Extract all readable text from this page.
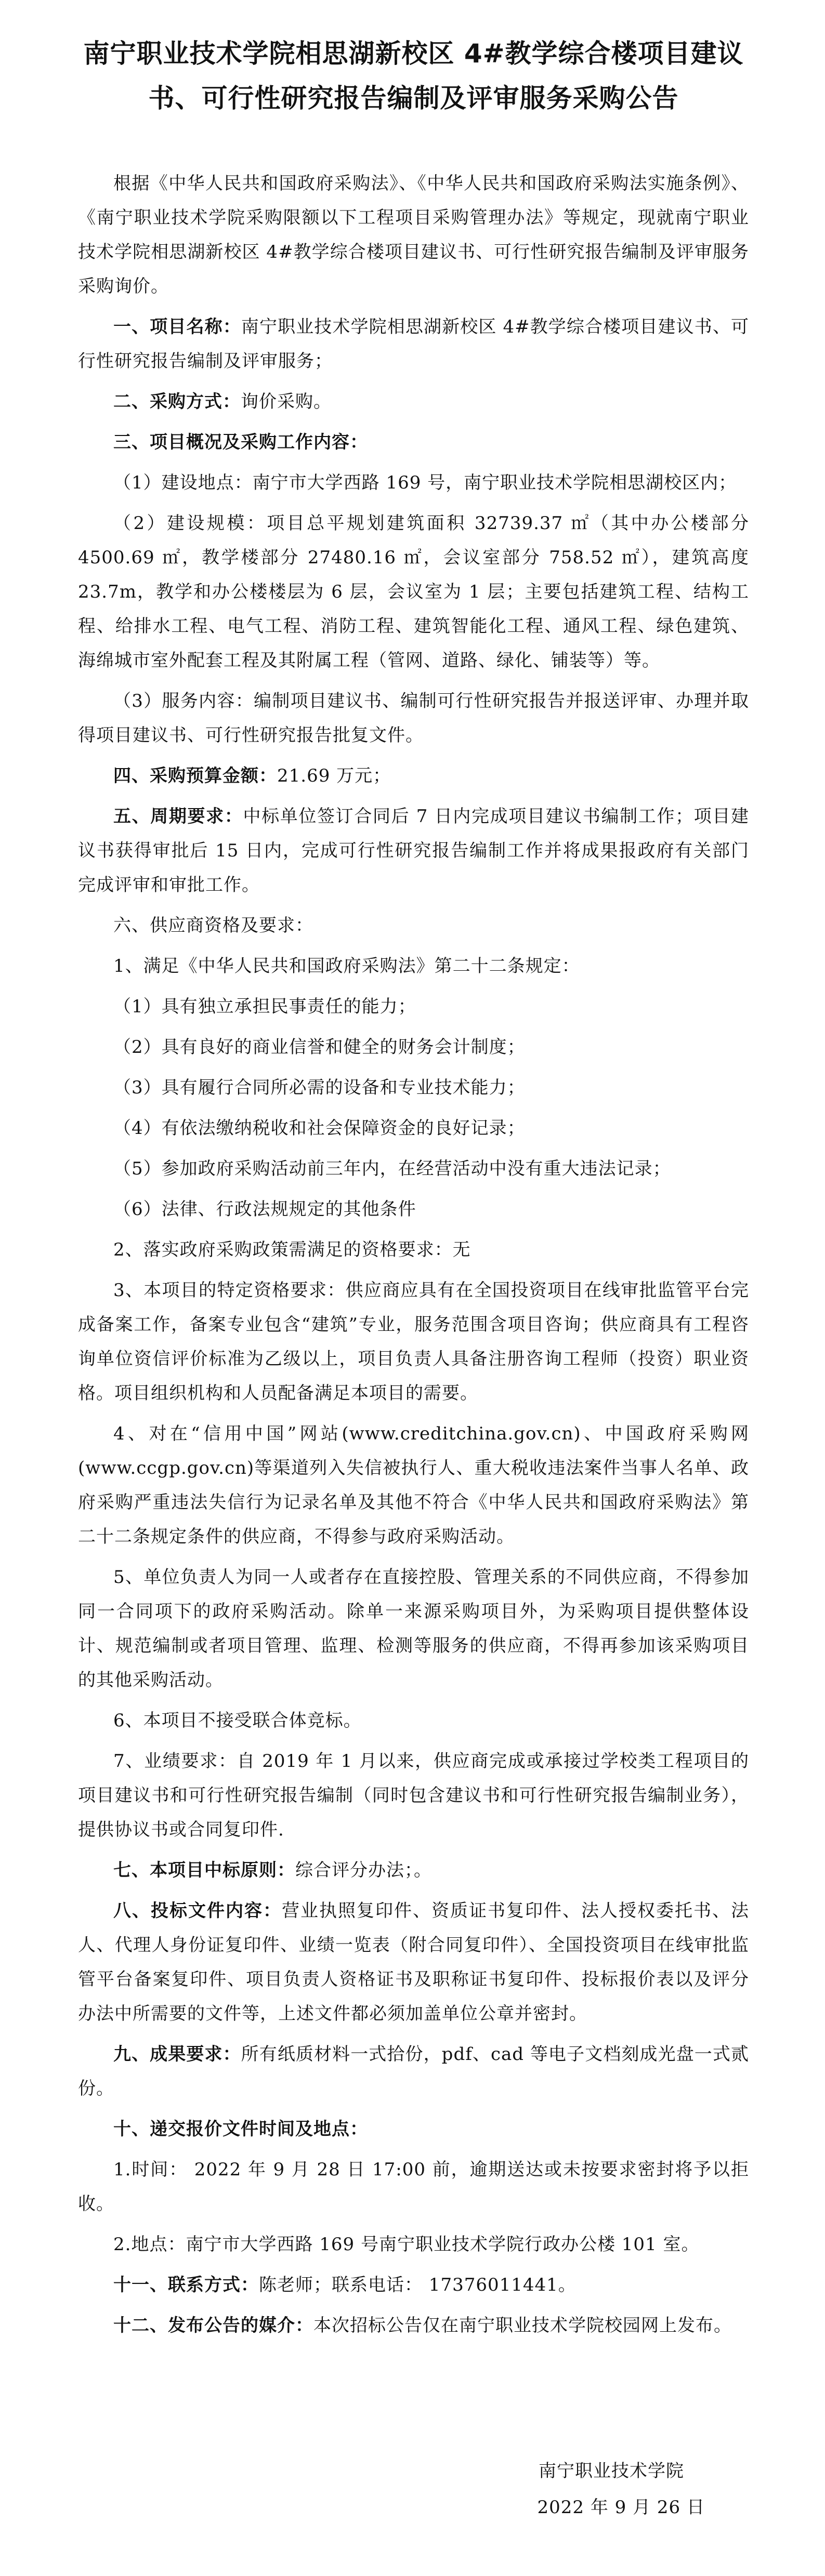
南宁职业技术学院相思湖新校区 4#教学综合楼项目建议
书、可行性研究报告编制及评审服务采购公告

根据《中华人民共和国政府采购法》、《中华人民共和国政府采购法实施条例》、《南宁职业技术学院采购限额以下工程项目采购管理办法》等规定，现就南宁职业技术学院相思湖新校区 4#教学综合楼项目建议书、可行性研究报告编制及评审服务采购询价。

一、项目名称：南宁职业技术学院相思湖新校区 4#教学综合楼项目建议书、可行性研究报告编制及评审服务；

二、采购方式：询价采购。

三、项目概况及采购工作内容：

（1）建设地点：南宁市大学西路 169 号，南宁职业技术学院相思湖校区内；

（2）建设规模：项目总平规划建筑面积 32739.37 ㎡（其中办公楼部分 4500.69 ㎡，教学楼部分 27480.16 ㎡，会议室部分 758.52 ㎡），建筑高度 23.7m，教学和办公楼楼层为 6 层，会议室为 1 层；主要包括建筑工程、结构工程、给排水工程、电气工程、消防工程、建筑智能化工程、通风工程、绿色建筑、海绵城市室外配套工程及其附属工程（管网、道路、绿化、铺装等）等。

（3）服务内容：编制项目建议书、编制可行性研究报告并报送评审、办理并取得项目建议书、可行性研究报告批复文件。

四、采购预算金额：21.69 万元；

五、周期要求：中标单位签订合同后 7 日内完成项目建议书编制工作；项目建议书获得审批后 15 日内，完成可行性研究报告编制工作并将成果报政府有关部门完成评审和审批工作。

六、供应商资格及要求：

1、满足《中华人民共和国政府采购法》第二十二条规定：

（1）具有独立承担民事责任的能力；

（2）具有良好的商业信誉和健全的财务会计制度；

（3）具有履行合同所必需的设备和专业技术能力；

（4）有依法缴纳税收和社会保障资金的良好记录；

（5）参加政府采购活动前三年内，在经营活动中没有重大违法记录；

（6）法律、行政法规规定的其他条件

2、落实政府采购政策需满足的资格要求：无

3、本项目的特定资格要求：供应商应具有在全国投资项目在线审批监管平台完成备案工作，备案专业包含“建筑”专业，服务范围含项目咨询；供应商具有工程咨询单位资信评价标准为乙级以上，项目负责人具备注册咨询工程师（投资）职业资格。项目组织机构和人员配备满足本项目的需要。

4、对在“信用中国”网站(www.creditchina.gov.cn)、中国政府采购网(www.ccgp.gov.cn)等渠道列入失信被执行人、重大税收违法案件当事人名单、政府采购严重违法失信行为记录名单及其他不符合《中华人民共和国政府采购法》第二十二条规定条件的供应商，不得参与政府采购活动。

5、单位负责人为同一人或者存在直接控股、管理关系的不同供应商，不得参加同一合同项下的政府采购活动。除单一来源采购项目外，为采购项目提供整体设计、规范编制或者项目管理、监理、检测等服务的供应商，不得再参加该采购项目的其他采购活动。

6、本项目不接受联合体竞标。

7、业绩要求：自 2019 年 1 月以来，供应商完成或承接过学校类工程项目的项目建议书和可行性研究报告编制（同时包含建议书和可行性研究报告编制业务），提供协议书或合同复印件.

七、本项目中标原则：综合评分办法；。

八、投标文件内容：营业执照复印件、资质证书复印件、法人授权委托书、法人、代理人身份证复印件、业绩一览表（附合同复印件）、全国投资项目在线审批监管平台备案复印件、项目负责人资格证书及职称证书复印件、投标报价表以及评分办法中所需要的文件等，上述文件都必须加盖单位公章并密封。

九、成果要求：所有纸质材料一式拾份，pdf、cad 等电子文档刻成光盘一式贰份。

十、递交报价文件时间及地点：

1.时间： 2022 年 9 月 28 日 17:00 前，逾期送达或未按要求密封将予以拒收。

2.地点：南宁市大学西路 169 号南宁职业技术学院行政办公楼 101 室。

十一、联系方式：陈老师；联系电话： 17376011441。

十二、发布公告的媒介：本次招标公告仅在南宁职业技术学院校园网上发布。

南宁职业技术学院
2022 年 9 月 26 日
